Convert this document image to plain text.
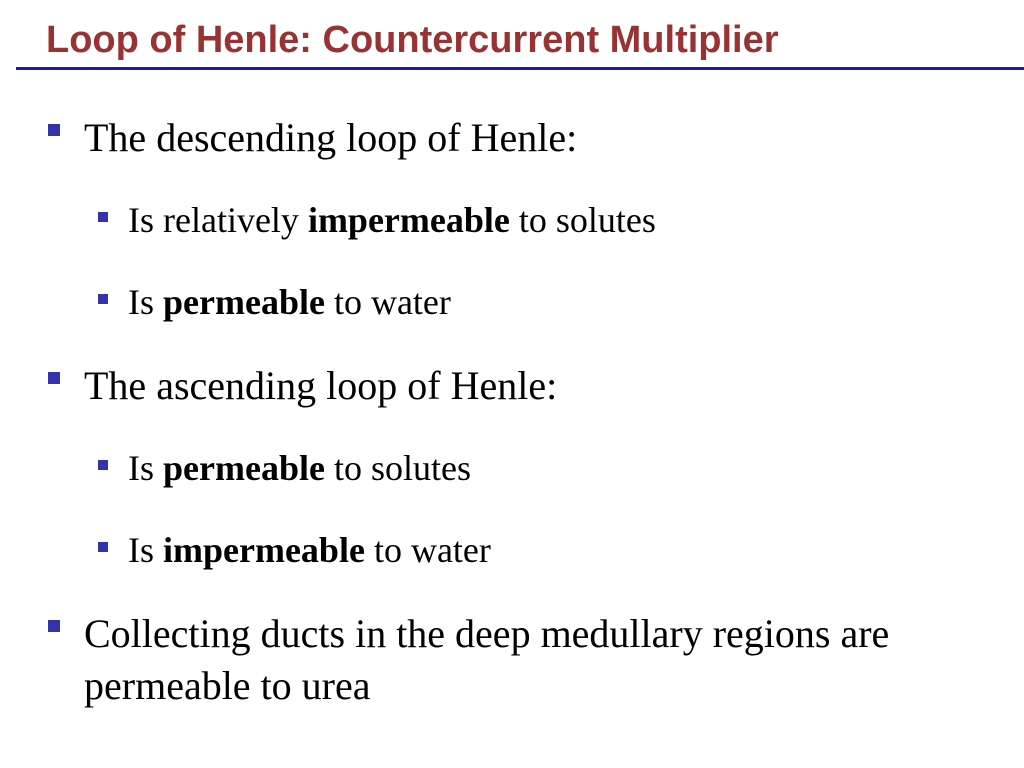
Loop of Henle: Countercurrent Multiplier
The descending loop of Henle:
Is relatively impermeable to solutes
Is permeable to water
The ascending loop of Henle:
Is permeable to solutes
Is impermeable to water
Collecting ducts in the deep medullary regions are permeable to urea
